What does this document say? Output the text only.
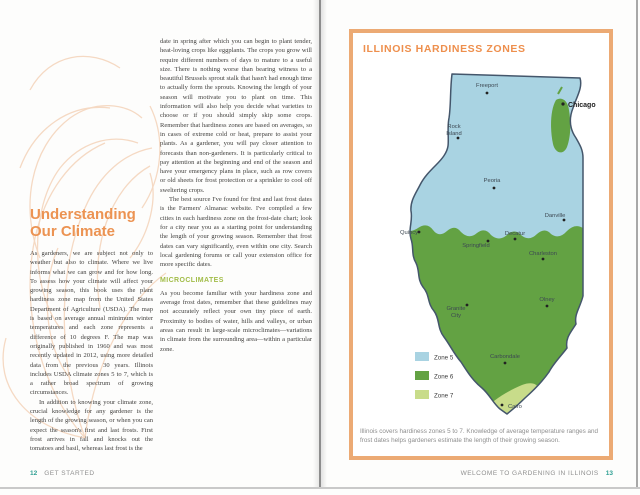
Understanding Our Climate

As gardeners, we are subject not only to weather but also to climate. Where we live informs what we can grow and for how long. To assess how your climate will affect your growing season, this book uses the plant hardiness zone map from the United States Department of Agriculture (USDA). The map is based on average annual minimum winter temperatures and each zone represents a difference of 10 degrees F. The map was originally published in 1960 and was most recently updated in 2012, using more detailed data from the previous 30 years. Illinois includes USDA climate zones 5 to 7, which is a rather broad spectrum of growing circumstances.

In addition to knowing your climate zone, crucial knowledge for any gardener is the length of the growing season, or when you can expect the season's first and last frosts. First frost arrives in fall and knocks out the tomatoes and basil, whereas last frost is the

date in spring after which you can begin to plant tender, heat-loving crops like eggplants. The crops you grow will require different numbers of days to mature to a useful size. There is nothing worse than bearing witness to a beautiful Brussels sprout stalk that hasn't had enough time to actually form the sprouts. Knowing the length of your season will motivate you to plant on time. This information will also help you decide what varieties to choose or if you should simply skip some crops. Remember that hardiness zones are based on averages, so in cases of extreme cold or heat, prepare to assist your plants. As a gardener, you will pay closer attention to forecasts than non-gardeners. It is particularly critical to pay attention at the beginning and end of the season and have your emergency plans in place, such as row covers or old sheets for frost protection or a sprinkler to cool off sweltering crops.

The best source I've found for first and last frost dates is the Farmers' Almanac website. I've compiled a few cities in each hardiness zone on the frost-date chart; look for a city near you as a starting point for understanding the length of your growing season. Remember that frost dates can vary significantly, even within one city. Search local gardening forums or call your extension office for more specific dates.

MICROCLIMATES

As you become familiar with your hardiness zone and average frost dates, remember that these guidelines may not accurately reflect your own tiny piece of earth. Proximity to bodies of water, hills and valleys, or urban areas can result in large-scale microclimates—variations in climate from the surrounding area—within a particular zone.

12 GET STARTED
ILLINOIS HARDINESS ZONES
Freeport
Chicago
Rock
Island
Peoria
Danville
Quincy	Decatur
Springfield
Charleston
Olney
Granite
City
Carbondale
Cairo
Zone 5
Zone 6
Zone 7
Illinois covers hardiness zones 5 to 7. Knowledge of average temperature ranges and frost dates helps gardeners estimate the length of their growing season.
WELCOME TO GARDENING IN ILLINOIS 13
